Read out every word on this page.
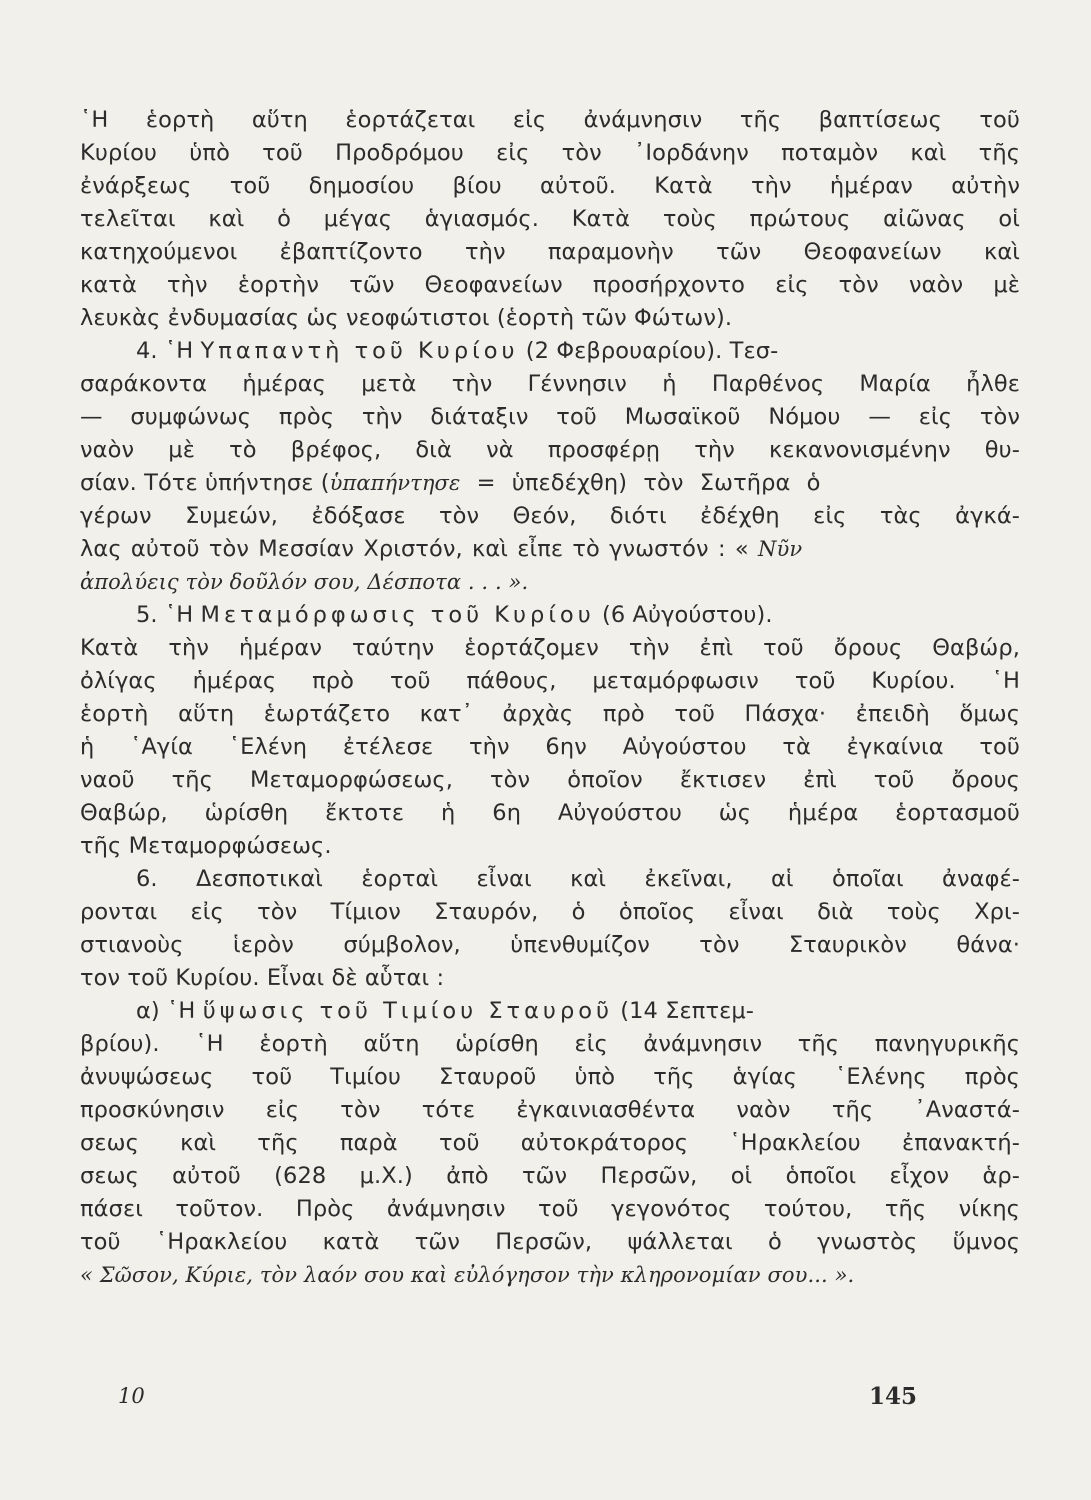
῾Η ἑορτὴ αὕτη ἑορτάζεται εἰς ἀνάμνησιν τῆς βαπτίσεως τοῦ
Κυρίου ὑπὸ τοῦ Προδρόμου εἰς τὸν ᾿Ιορδάνην ποταμὸν καὶ τῆς
ἐνάρξεως τοῦ δημοσίου βίου αὐτοῦ. Κατὰ τὴν ἡμέραν αὐτὴν
τελεῖται καὶ ὁ μέγας ἁγιασμός. Κατὰ τοὺς πρώτους αἰῶνας οἱ
κατηχούμενοι ἐβαπτίζοντο τὴν παραμονὴν τῶν Θεοφανείων καὶ
κατὰ τὴν ἑορτὴν τῶν Θεοφανείων προσήρχοντο εἰς τὸν ναὸν μὲ
λευκὰς ἐνδυμασίας ὡς νεοφώτιστοι (ἑορτὴ τῶν Φώτων).
4. ῾Η Υπαπαντὴ τοῦ Κυρίου (2 Φεβρουαρίου). Τεσ-
σαράκοντα ἡμέρας μετὰ τὴν Γέννησιν ἡ Παρθένος Μαρία ἦλθε
— συμφώνως πρὸς τὴν διάταξιν τοῦ Μωσαϊκοῦ Νόμου — εἰς τὸν
ναὸν μὲ τὸ βρέφος, διὰ νὰ προσφέρῃ τὴν κεκανονισμένην θυ-
σίαν. Τότε ὑπήντησε ( ὑπαπήντησε = ὑπεδέχθη) τὸν Σωτῆρα ὁ
γέρων Συμεών, ἐδόξασε τὸν Θεόν, διότι ἐδέχθη εἰς τὰς ἀγκά-
λας αὐτοῦ τὸν Μεσσίαν Χριστόν, καὶ εἶπε τὸ γνωστόν : « Νῦν
ἀπολύεις τὸν δοῦλόν σου, Δέσποτα . . . ».
5. ῾Η Μεταμόρφωσις τοῦ Κυρίου (6 Αὐγούστου).
Κατὰ τὴν ἡμέραν ταύτην ἑορτάζομεν τὴν ἐπὶ τοῦ ὄρους Θαβώρ,
ὀλίγας ἡμέρας πρὸ τοῦ πάθους, μεταμόρφωσιν τοῦ Κυρίου. ῾Η
ἑορτὴ αὕτη ἑωρτάζετο κατ᾿ ἀρχὰς πρὸ τοῦ Πάσχα· ἐπειδὴ ὅμως
ἡ ῾Αγία ῾Ελένη ἐτέλεσε τὴν 6ην Αὐγούστου τὰ ἐγκαίνια τοῦ
ναοῦ τῆς Μεταμορφώσεως, τὸν ὁποῖον ἔκτισεν ἐπὶ τοῦ ὄρους
Θαβώρ, ὡρίσθη ἔκτοτε ἡ 6η Αὐγούστου ὡς ἡμέρα ἑορτασμοῦ
τῆς Μεταμορφώσεως.
6. Δεσποτικαὶ ἑορταὶ εἶναι καὶ ἐκεῖναι, αἱ ὁποῖαι ἀναφέ-
ρονται εἰς τὸν Τίμιον Σταυρόν, ὁ ὁποῖος εἶναι διὰ τοὺς Χρι-
στιανοὺς ἱερὸν σύμβολον, ὑπενθυμίζον τὸν Σταυρικὸν θάνα·
τον τοῦ Κυρίου. Εἶναι δὲ αὗται :
α) ῾Η ὕψωσις τοῦ Τιμίου Σταυροῦ (14 Σεπτεμ-
βρίου). ῾Η ἑορτὴ αὕτη ὡρίσθη εἰς ἀνάμνησιν τῆς πανηγυρικῆς
ἀνυψώσεως τοῦ Τιμίου Σταυροῦ ὑπὸ τῆς ἁγίας ῾Ελένης πρὸς
προσκύνησιν εἰς τὸν τότε ἐγκαινιασθέντα ναὸν τῆς ᾿Αναστά-
σεως καὶ τῆς παρὰ τοῦ αὐτοκράτορος ῾Ηρακλείου ἐπανακτή-
σεως αὐτοῦ (628 μ.Χ.) ἀπὸ τῶν Περσῶν, οἱ ὁποῖοι εἶχον ἁρ-
πάσει τοῦτον. Πρὸς ἀνάμνησιν τοῦ γεγονότος τούτου, τῆς νίκης
τοῦ ῾Ηρακλείου κατὰ τῶν Περσῶν, ψάλλεται ὁ γνωστὸς ὕμνος
« Σῶσον, Κύριε, τὸν λαόν σου καὶ εὐλόγησον τὴν κληρονομίαν σου... ».
10	145
